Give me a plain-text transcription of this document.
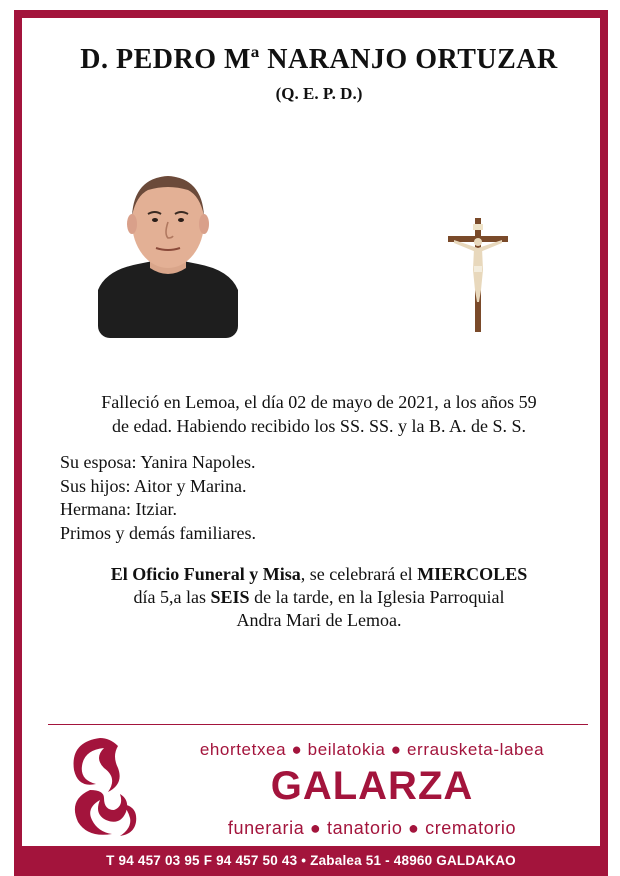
D. PEDRO Mª NARANJO ORTUZAR
(Q. E. P. D.)
Falleció en Lemoa, el día 02 de mayo de 2021, a los años 59
de edad. Habiendo recibido los SS. SS. y la B. A. de S. S.
Su esposa: Yanira Napoles.
Sus hijos: Aitor y Marina.
Hermana: Itziar.
Primos y demás familiares.
El Oficio Funeral y Misa, se celebrará el MIERCOLES
día 5,a las SEIS de la tarde, en la Iglesia Parroquial
Andra Mari de Lemoa.
ehortetxea ● beilatokia ● errausketa-labea
GALARZA
funeraria ● tanatorio ● crematorio
T 94 457 03 95 F 94 457 50 43 • Zabalea 51 - 48960 GALDAKAO
